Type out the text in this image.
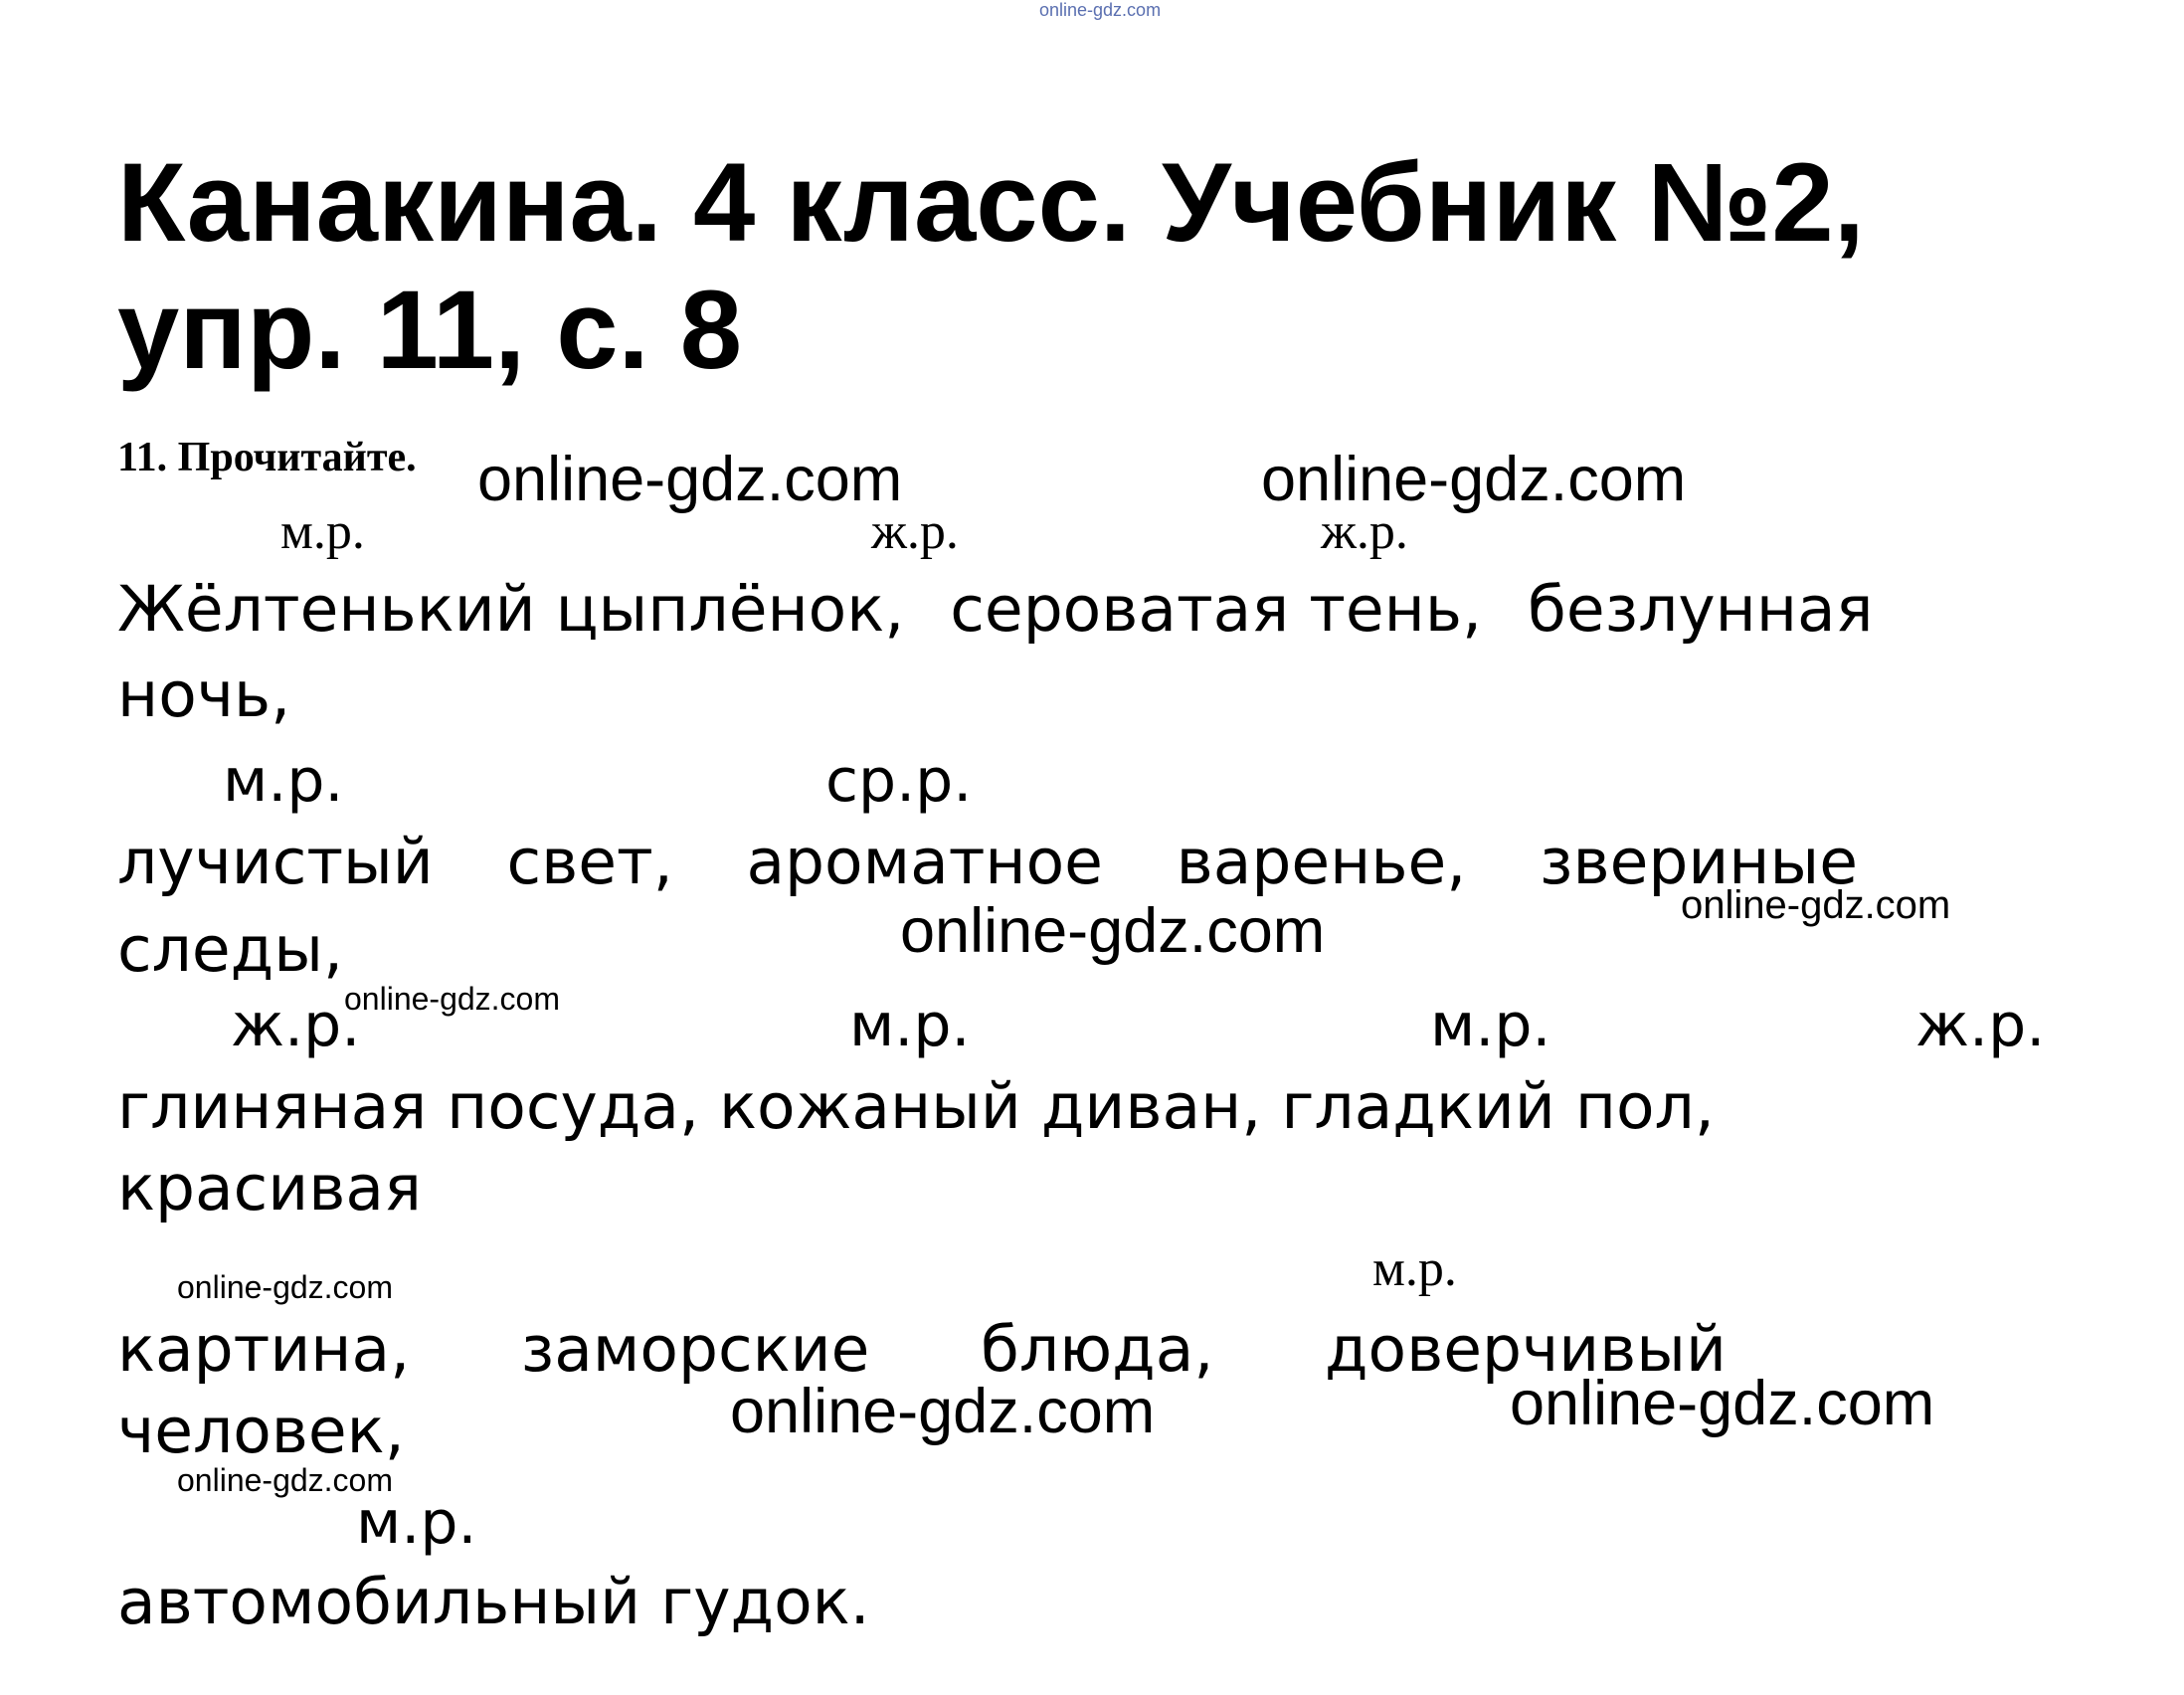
online-gdz.com
Канакина. 4 класс. Учебник №2,
упр. 11, с. 8
11. Прочитайте. online-gdz.com	online-gdz.com
м.р.	ж.р.	ж.р.
Жёлтенький цыплёнок, сероватая тень, безлунная
ночь,
м.р.	ср.р.
лучистый свет, ароматное варенье, звериные
online-gdz.com
следы,	online-gdz.com
online-gdz.com
ж.р.	м.р.	м.р.	ж.р.
глиняная посуда, кожаный диван, гладкий пол,
красивая
online-gdz.com	м.р.
картина, заморские блюда, доверчивый
online-gdz.com
online-gdz.com
человек,
online-gdz.com
м.р.
автомобильный гудок.
